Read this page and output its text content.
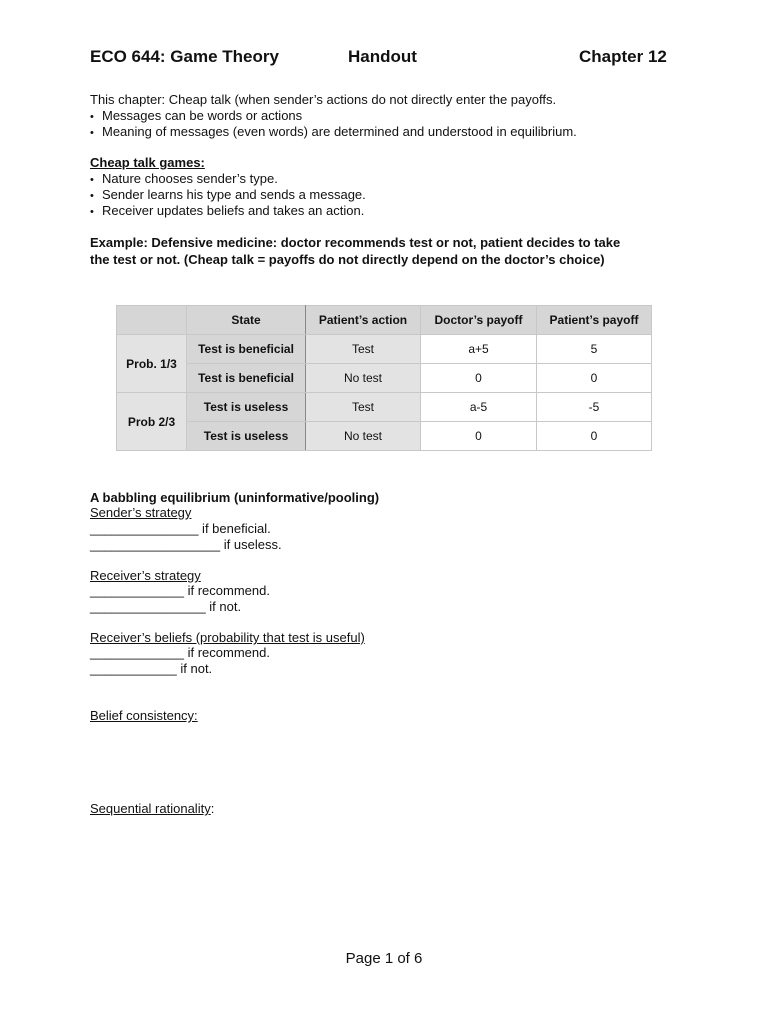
ECO 644: Game Theory	Handout	Chapter 12
This chapter: Cheap talk (when sender’s actions do not directly enter the payoffs.
• Messages can be words or actions
• Meaning of messages (even words) are determined and understood in equilibrium.
Cheap talk games:
• Nature chooses sender’s type.
• Sender learns his type and sends a message.
• Receiver updates beliefs and takes an action.
Example: Defensive medicine: doctor recommends test or not, patient decides to take
the test or not. (Cheap talk = payoffs do not directly depend on the doctor’s choice)
	State	Patient’s action	Doctor’s payoff	Patient’s payoff
Prob. 1/3	Test is beneficial	Test	a+5	5
	Test is beneficial	No test	0	0
Prob 2/3	Test is useless	Test	a-5	-5
	Test is useless	No test	0	0
A babbling equilibrium (uninformative/pooling)
Sender’s strategy
_______________ if beneficial.
__________________ if useless.
Receiver’s strategy
_____________ if recommend.
________________ if not.
Receiver’s beliefs (probability that test is useful)
_____________ if recommend.
____________ if not.
Belief consistency:
Sequential rationality:
Page 1 of 6
